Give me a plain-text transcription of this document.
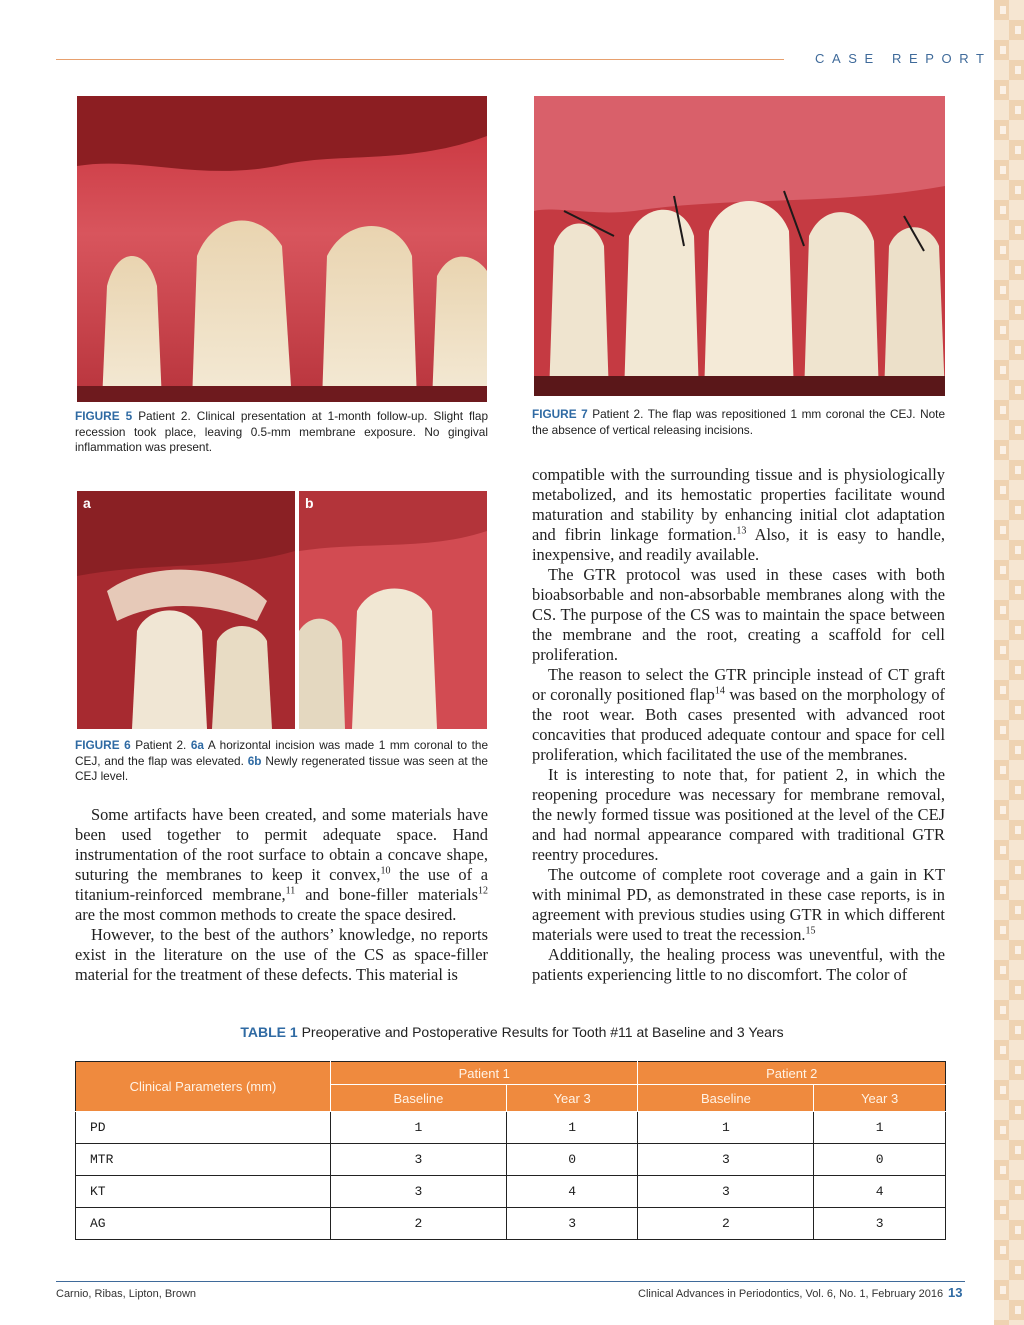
CASE REPORT
FIGURE 5 Patient 2. Clinical presentation at 1-month follow-up. Slight flap recession took place, leaving 0.5-mm membrane exposure. No gingival inflammation was present.
FIGURE 7 Patient 2. The flap was repositioned 1 mm coronal the CEJ. Note the absence of vertical releasing incisions.
a	b
FIGURE 6 Patient 2. 6a A horizontal incision was made 1 mm coronal to the CEJ, and the flap was elevated. 6b Newly regenerated tissue was seen at the CEJ level.

Some artifacts have been created, and some materials have been used together to permit adequate space. Hand instrumentation of the root surface to obtain a concave shape, suturing the membranes to keep it convex,$^{10}$ the use of a titanium-reinforced membrane,$^{11}$ and bone-filler materials$^{12}$ are the most common methods to create the space desired.

However, to the best of the authors’ knowledge, no reports exist in the literature on the use of the CS as space-filler material for the treatment of these defects. This material is

compatible with the surrounding tissue and is physiologically metabolized, and its hemostatic properties facilitate wound maturation and stability by enhancing initial clot adaptation and fibrin linkage formation.$^{13}$ Also, it is easy to handle, inexpensive, and readily available.

The GTR protocol was used in these cases with both bioabsorbable and non-absorbable membranes along with the CS. The purpose of the CS was to maintain the space between the membrane and the root, creating a scaffold for cell proliferation.

The reason to select the GTR principle instead of CT graft or coronally positioned flap$^{14}$ was based on the morphology of the root wear. Both cases presented with advanced root concavities that produced adequate contour and space for cell proliferation, which facilitated the use of the membranes.

It is interesting to note that, for patient 2, in which the reopening procedure was necessary for membrane removal, the newly formed tissue was positioned at the level of the CEJ and had normal appearance compared with traditional GTR reentry procedures.

The outcome of complete root coverage and a gain in KT with minimal PD, as demonstrated in these case reports, is in agreement with previous studies using GTR in which different materials were used to treat the recession.$^{15}$

Additionally, the healing process was uneventful, with the patients experiencing little to no discomfort. The color of

TABLE 1 Preoperative and Postoperative Results for Tooth #11 at Baseline and 3 Years
Clinical Parameters (mm)	Patient 1		Patient 2	
	Baseline	Year 3	Baseline	Year 3
PD	1	1	1	1
MTR	3	0	3	0
KT	3	4	3	4
AG	2	3	2	3
Carnio, Ribas, Lipton, Brown	Clinical Advances in Periodontics, Vol. 6, No. 1, February 2016 13
